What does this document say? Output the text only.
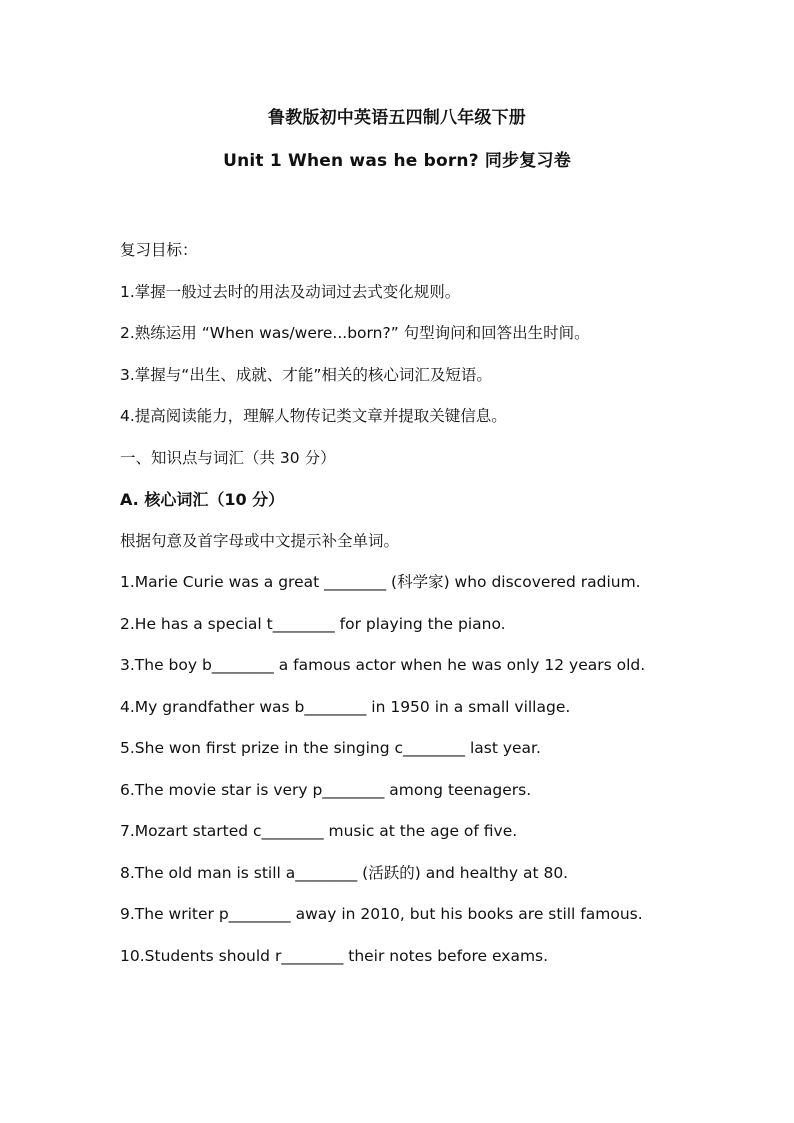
鲁教版初中英语五四制八年级下册
Unit 1 When was he born? 同步复习卷
复习目标：
1.掌握一般过去时的用法及动词过去式变化规则。
2.熟练运用 “When was/were...born?” 句型询问和回答出生时间。
3.掌握与“出生、成就、才能”相关的核心词汇及短语。
4.提高阅读能力，理解人物传记类文章并提取关键信息。
一、知识点与词汇（共 30 分）
A. 核心词汇（10 分）
根据句意及首字母或中文提示补全单词。
1.Marie Curie was a great ________ (科学家) who discovered radium.
2.He has a special t________ for playing the piano.
3.The boy b________ a famous actor when he was only 12 years old.
4.My grandfather was b________ in 1950 in a small village.
5.She won first prize in the singing c________ last year.
6.The movie star is very p________ among teenagers.
7.Mozart started c________ music at the age of five.
8.The old man is still a________ (活跃的) and healthy at 80.
9.The writer p________ away in 2010, but his books are still famous.
10.Students should r________ their notes before exams.
